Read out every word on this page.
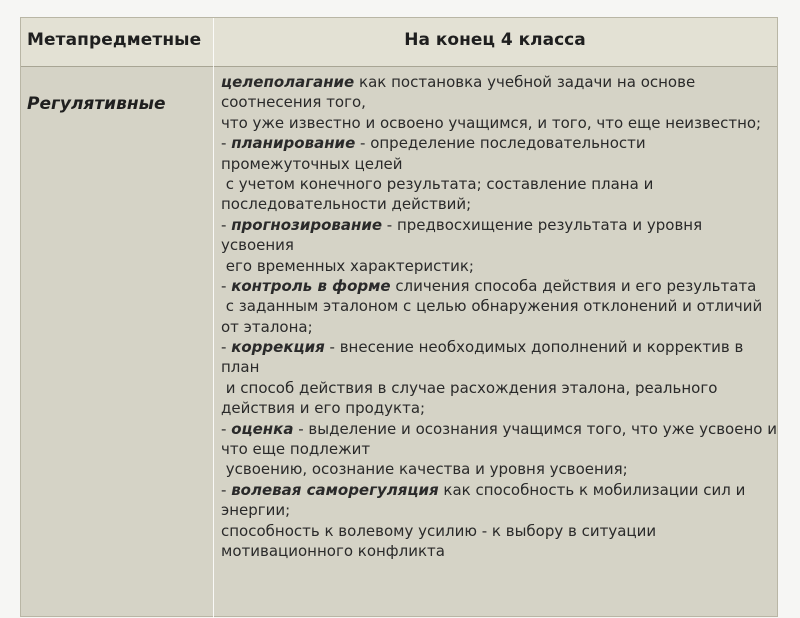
Метапредметные	На конец 4 класса
Регулятивные
целеполагание как постановка учебной задачи на основе
соотнесения того,
что уже известно и освоено учащимся, и того, что еще неизвестно;
- планирование - определение последовательности
промежуточных целей
с учетом конечного результата; составление плана и
последовательности действий;
- прогнозирование - предвосхищение результата и уровня
усвоения
его временных характеристик;
- контроль в форме сличения способа действия и его результата
с заданным эталоном с целью обнаружения отклонений и отличий
от эталона;
- коррекция - внесение необходимых дополнений и корректив в
план
и способ действия в случае расхождения эталона, реального
действия и его продукта;
- оценка - выделение и осознания учащимся того, что уже усвоено и
что еще подлежит
усвоению, осознание качества и уровня усвоения;
- волевая саморегуляция как способность к мобилизации сил и
энергии;
способность к волевому усилию - к выбору в ситуации
мотивационного конфликта
